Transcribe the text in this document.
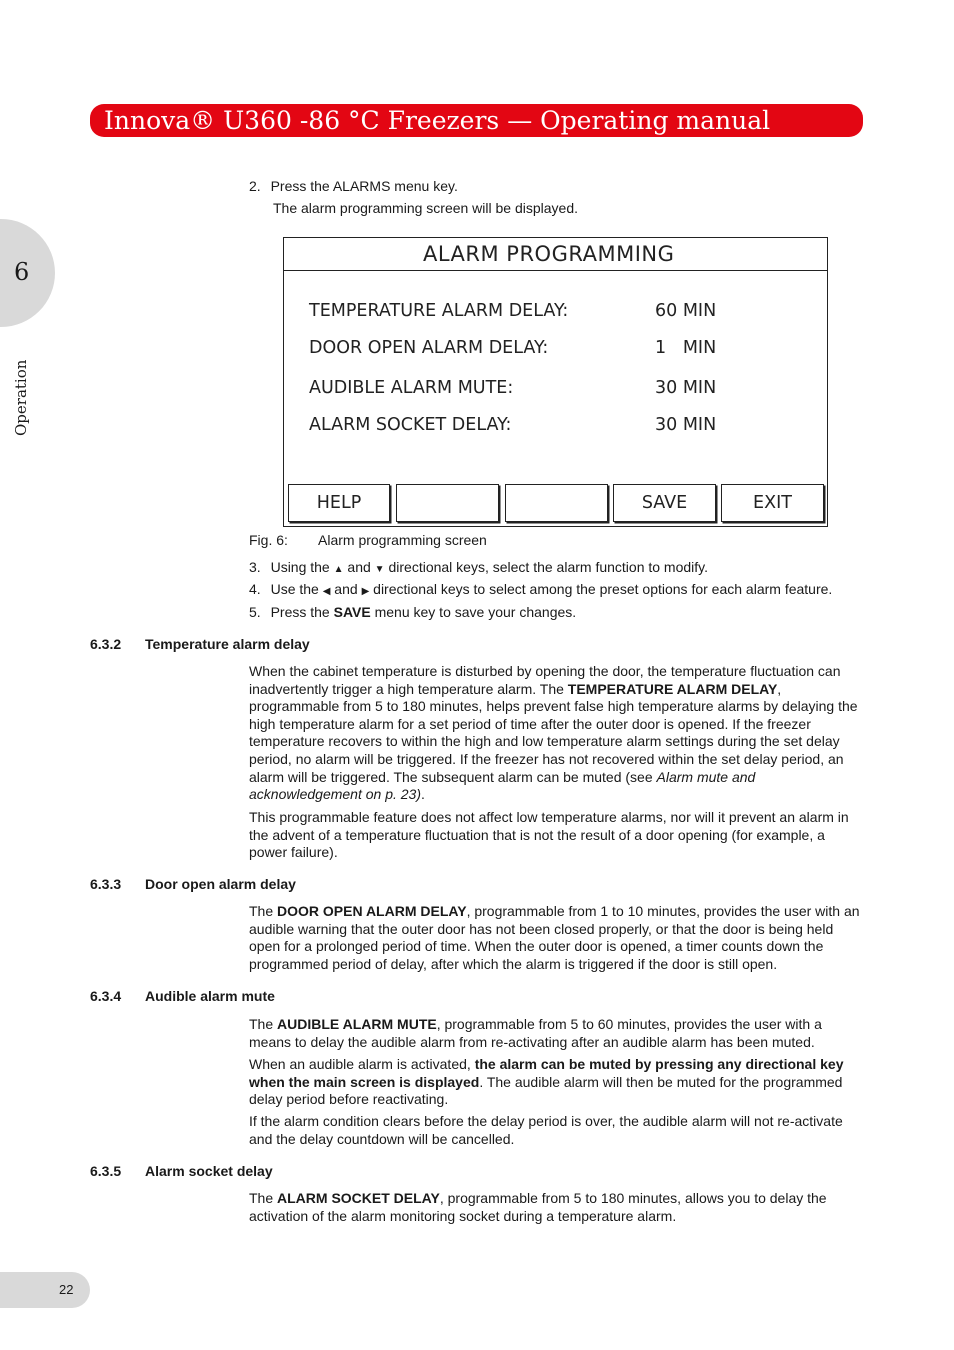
Innova® U360 -86 °C Freezers — Operating manual
6
Operation
2. Press the ALARMS menu key.
The alarm programming screen will be displayed.
ALARM PROGRAMMING
TEMPERATURE ALARM DELAY:	60 MIN
DOOR OPEN ALARM DELAY:	1   MIN
AUDIBLE ALARM MUTE:	30 MIN
ALARM SOCKET DELAY:	30 MIN
HELP	SAVE	EXIT
Fig. 6: Alarm programming screen
3. Using the ▲ and ▼ directional keys, select the alarm function to modify.
4. Use the ◀ and ▶ directional keys to select among the preset options for each alarm feature.
5. Press the SAVE menu key to save your changes.
6.3.2 Temperature alarm delay
When the cabinet temperature is disturbed by opening the door, the temperature fluctuation can inadvertently trigger a high temperature alarm. The TEMPERATURE ALARM DELAY, programmable from 5 to 180 minutes, helps prevent false high temperature alarms by delaying the high temperature alarm for a set period of time after the outer door is opened. If the freezer temperature recovers to within the high and low temperature alarm settings during the set delay period, no alarm will be triggered. If the freezer has not recovered within the set delay period, an alarm will be triggered. The subsequent alarm can be muted (see Alarm mute and acknowledgement on p. 23).
This programmable feature does not affect low temperature alarms, nor will it prevent an alarm in the advent of a temperature fluctuation that is not the result of a door opening (for example, a power failure).
6.3.3 Door open alarm delay
The DOOR OPEN ALARM DELAY, programmable from 1 to 10 minutes, provides the user with an audible warning that the outer door has not been closed properly, or that the door is being held open for a prolonged period of time. When the outer door is opened, a timer counts down the programmed period of delay, after which the alarm is triggered if the door is still open.
6.3.4 Audible alarm mute
The AUDIBLE ALARM MUTE, programmable from 5 to 60 minutes, provides the user with a means to delay the audible alarm from re-activating after an audible alarm has been muted.
When an audible alarm is activated, the alarm can be muted by pressing any directional key when the main screen is displayed. The audible alarm will then be muted for the programmed delay period before reactivating.
If the alarm condition clears before the delay period is over, the audible alarm will not re-activate and the delay countdown will be cancelled.
6.3.5 Alarm socket delay
The ALARM SOCKET DELAY, programmable from 5 to 180 minutes, allows you to delay the activation of the alarm monitoring socket during a temperature alarm.
22
